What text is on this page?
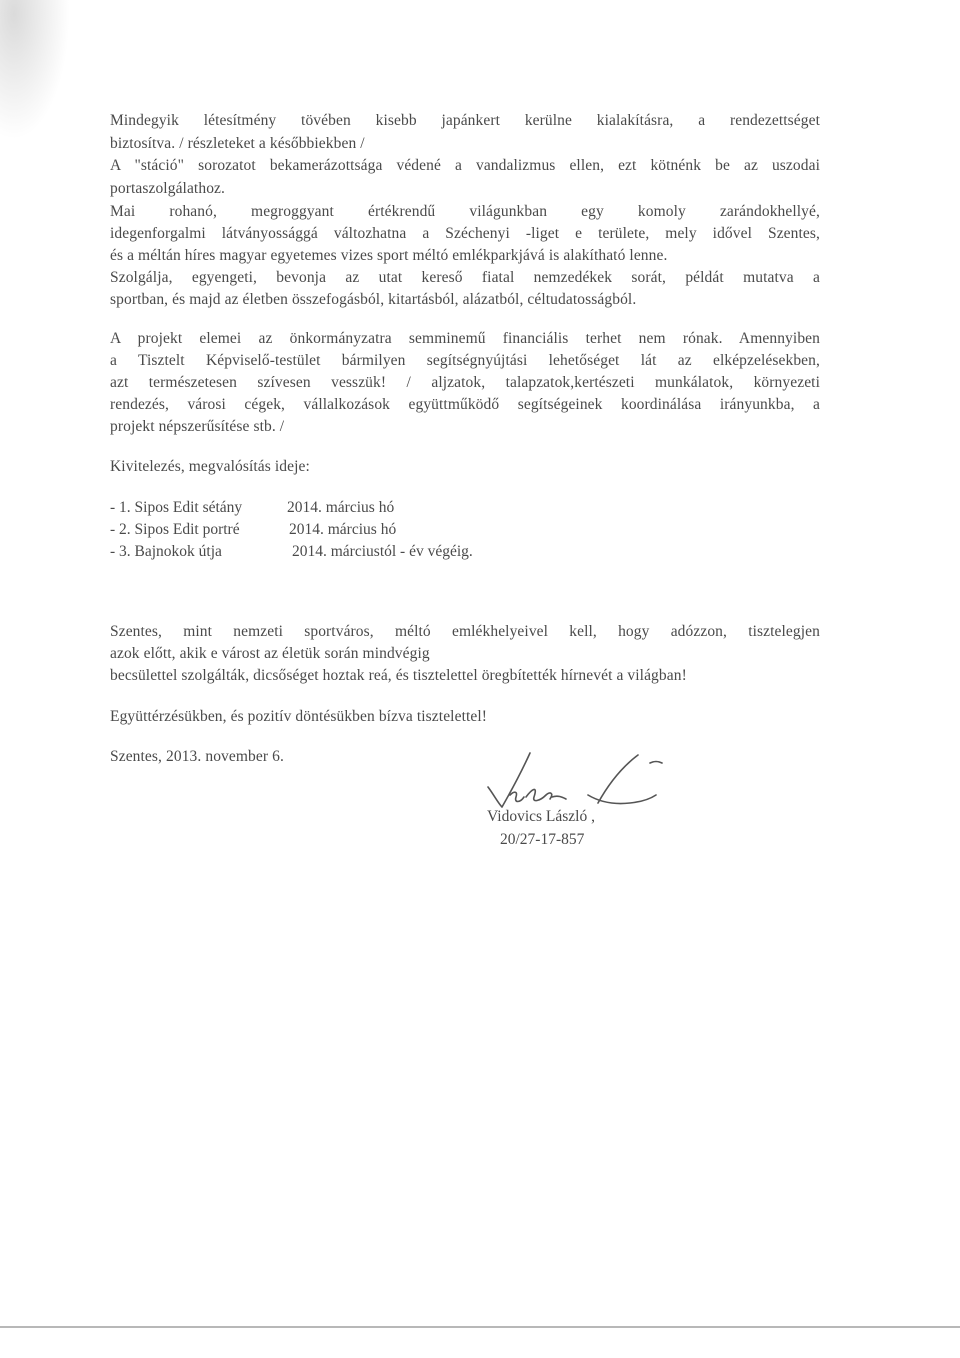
Mindegyik létesítmény tövében kisebb japánkert kerülne kialakításra, a rendezettséget
biztosítva. / részleteket a későbbiekben /
A "stáció" sorozatot bekamerázottsága védené a vandalizmus ellen, ezt kötnénk be az uszodai
portaszolgálathoz.
Mai rohanó, megroggyant értékrendű világunkban egy komoly zarándokhellyé,
idegenforgalmi látványossággá változhatna a Széchenyi -liget e területe, mely idővel Szentes,
és a méltán híres magyar egyetemes vizes sport méltó emlékparkjává is alakítható lenne.
Szolgálja, egyengeti, bevonja az utat kereső fiatal nemzedékek sorát, példát mutatva a
sportban, és majd az életben összefogásból, kitartásból, alázatból, céltudatosságból.
A projekt elemei az önkormányzatra semminemű financiális terhet nem rónak. Amennyiben
a Tisztelt Képviselő-testület bármilyen segítségnyújtási lehetőséget lát az elképzelésekben,
azt természetesen szívesen vesszük! / aljzatok, talapzatok,kertészeti munkálatok, környezeti
rendezés, városi cégek, vállalkozások együttműködő segítségeinek koordinálása irányunkba, a
projekt népszerűsítése stb. /
Kivitelezés, megvalósítás ideje:
- 1. Sipos Edit sétány	2014. március hó
- 2. Sipos Edit portré	2014. március hó
- 3. Bajnokok útja	2014. márciustól - év végéig.
Szentes, mint nemzeti sportváros, méltó emlékhelyeivel kell, hogy adózzon, tisztelegjen
azok előtt, akik e várost az életük során mindvégig
becsülettel szolgálták, dicsőséget hoztak reá, és tisztelettel öregbítették hírnevét a világban!
Együttérzésükben, és pozitív döntésükben bízva tisztelettel!
Szentes, 2013. november 6.
Vidovics László ,
20/27-17-857
